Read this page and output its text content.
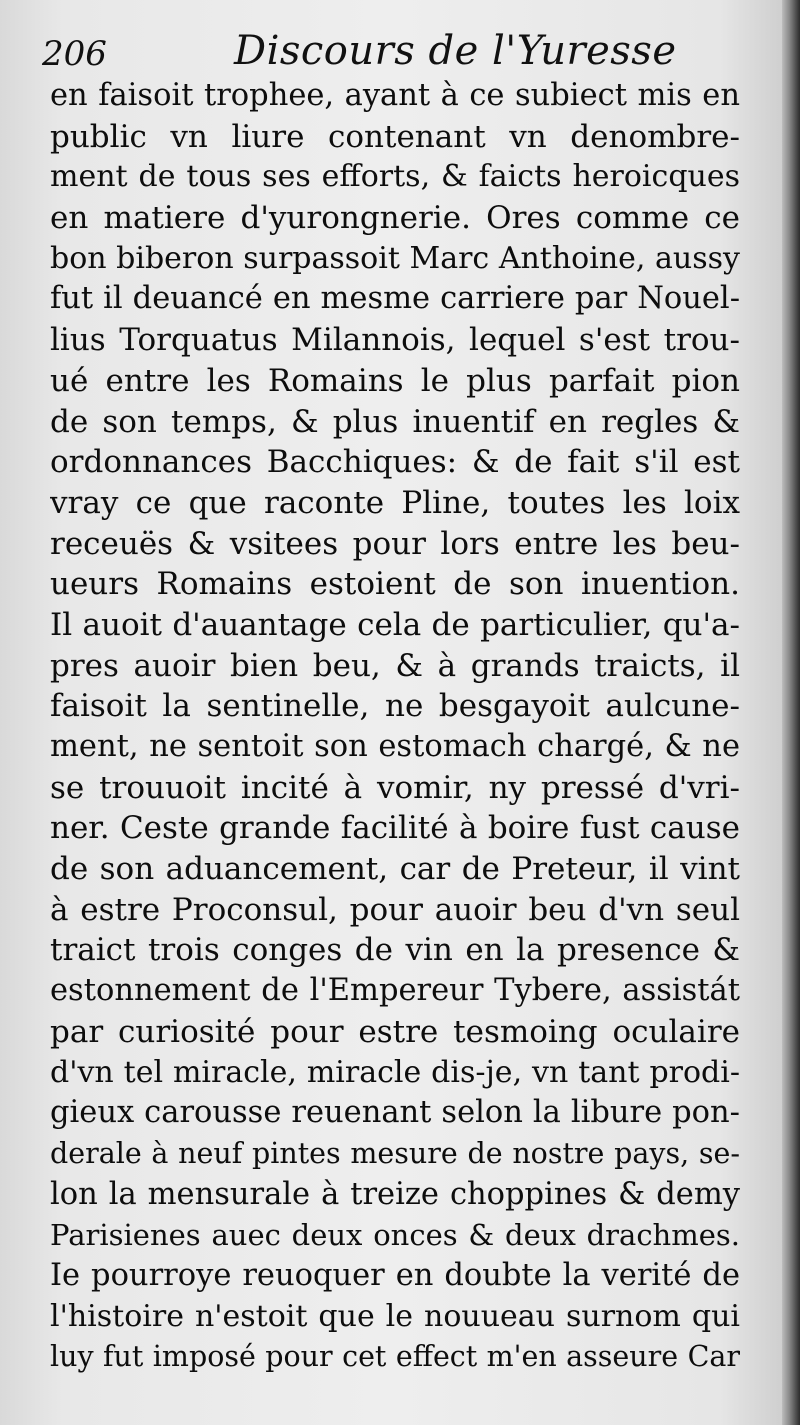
206	Discours de l'Yuresse
en faisoit trophee, ayant à ce subiect mis en
public vn liure contenant vn denombre-
ment de tous ses efforts, & faicts heroicques
en matiere d'yurongnerie. Ores comme ce
bon biberon surpassoit Marc Anthoine, aussy
fut il deuancé en mesme carriere par Nouel-
lius Torquatus Milannois, lequel s'est trou-
ué entre les Romains le plus parfait pion
de son temps, & plus inuentif en regles &
ordonnances Bacchiques: & de fait s'il est
vray ce que raconte Pline, toutes les loix
receuës & vsitees pour lors entre les beu-
ueurs Romains estoient de son inuention.
Il auoit d'auantage cela de particulier, qu'a-
pres auoir bien beu, & à grands traicts, il
faisoit la sentinelle, ne besgayoit aulcune-
ment, ne sentoit son estomach chargé, & ne
se trouuoit incité à vomir, ny pressé d'vri-
ner. Ceste grande facilité à boire fust cause
de son aduancement, car de Preteur, il vint
à estre Proconsul, pour auoir beu d'vn seul
traict trois conges de vin en la presence &
estonnement de l'Empereur Tybere, assistát
par curiosité pour estre tesmoing oculaire
d'vn tel miracle, miracle dis-je, vn tant prodi-
gieux carousse reuenant selon la libure pon-
derale à neuf pintes mesure de nostre pays, se-
lon la mensurale à treize choppines & demy
Parisienes auec deux onces & deux drachmes.
Ie pourroye reuoquer en doubte la verité de
l'histoire n'estoit que le nouueau surnom qui
luy fut imposé pour cet effect m'en asseure Car
